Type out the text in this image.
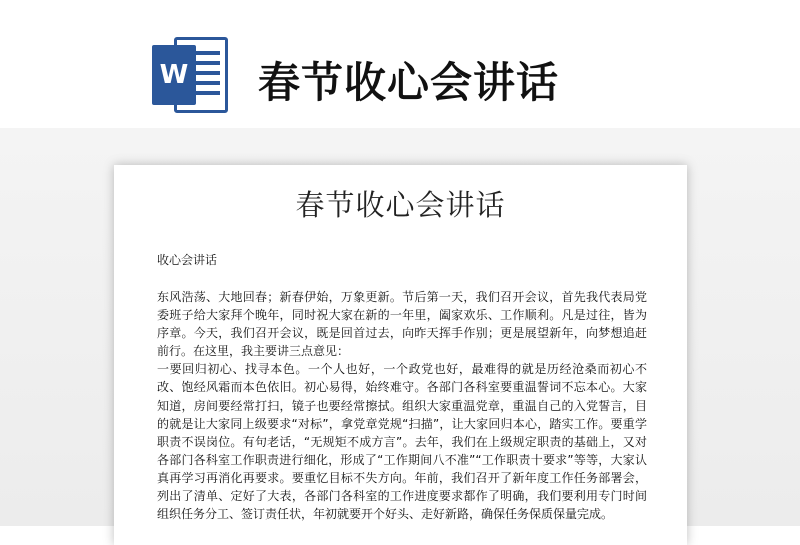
W 春节收心会讲话
春节收心会讲话
收心会讲话

东风浩荡、大地回春；新春伊始，万象更新。节后第一天，我们召开会议，首先我代表局党委班子给大家拜个晚年，同时祝大家在新的一年里，阖家欢乐、工作顺利。凡是过往，皆为序章。今天，我们召开会议，既是回首过去，向昨天挥手作别；更是展望新年，向梦想追赶前行。在这里，我主要讲三点意见：

一要回归初心、找寻本色。一个人也好，一个政党也好，最难得的就是历经沧桑而初心不改、饱经风霜而本色依旧。初心易得，始终难守。各部门各科室要重温誓词不忘本心。大家知道，房间要经常打扫，镜子也要经常擦拭。组织大家重温党章，重温自己的入党誓言，目的就是让大家同上级要求“对标”，拿党章党规“扫描”，让大家回归本心，踏实工作。要重学职责不误岗位。有句老话，“无规矩不成方言”。去年，我们在上级规定职责的基础上，又对各部门各科室工作职责进行细化，形成了“工作期间八不准”“工作职责十要求”等等，大家认真再学习再消化再要求。要重忆目标不失方向。年前，我们召开了新年度工作任务部署会，列出了清单、定好了大表，各部门各科室的工作进度要求都作了明确，我们要利用专门时间组织任务分工、签订责任状，年初就要开个好头、走好新路，确保任务保质保量完成。
